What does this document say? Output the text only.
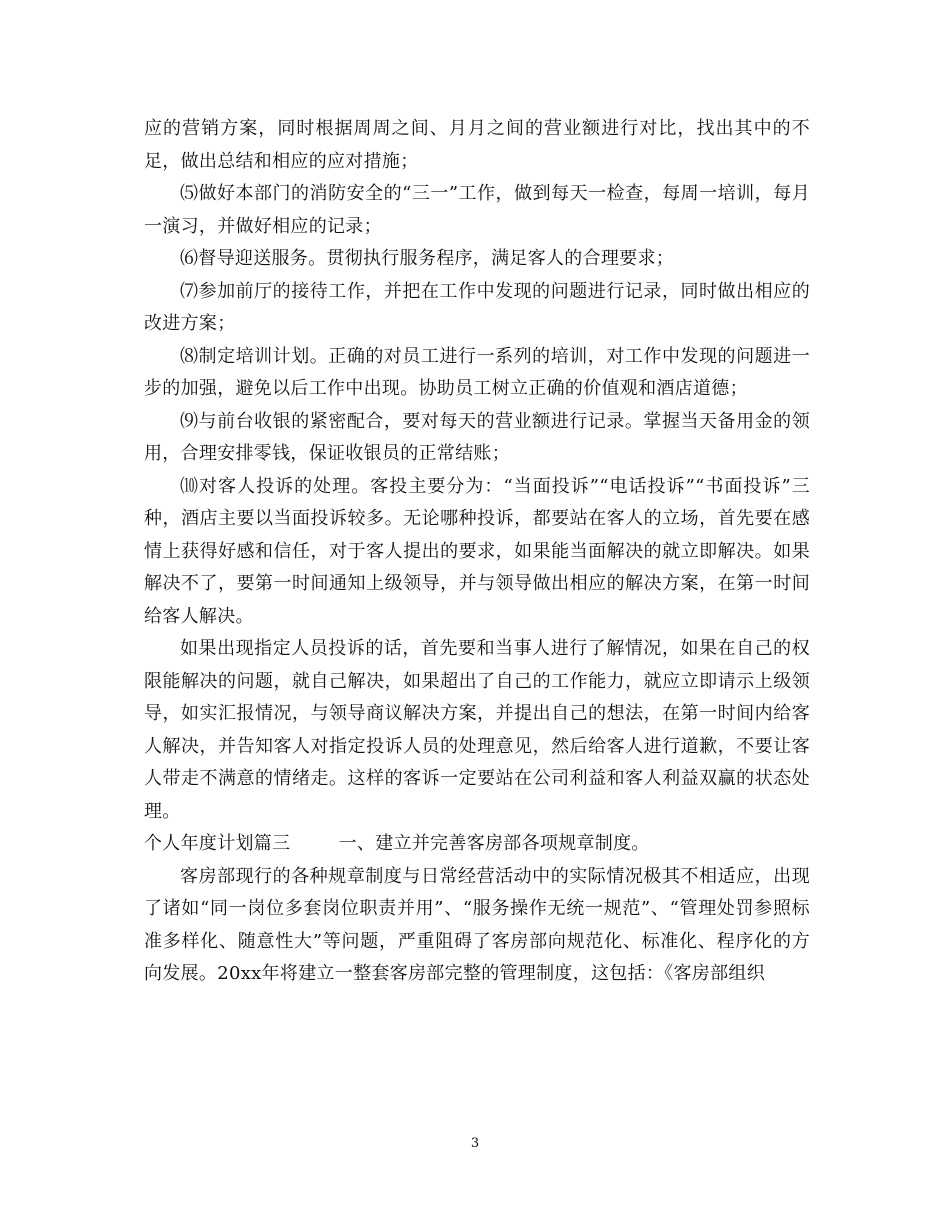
应的营销方案，同时根据周周之间、月月之间的营业额进行对比，找出其中的不足，做出总结和相应的应对措施；

⑸做好本部门的消防安全的“三一”工作，做到每天一检查，每周一培训，每月一演习，并做好相应的记录；

⑹督导迎送服务。贯彻执行服务程序，满足客人的合理要求；

⑺参加前厅的接待工作，并把在工作中发现的问题进行记录，同时做出相应的改进方案；

⑻制定培训计划。正确的对员工进行一系列的培训，对工作中发现的问题进一步的加强，避免以后工作中出现。协助员工树立正确的价值观和酒店道德；

⑼与前台收银的紧密配合，要对每天的营业额进行记录。掌握当天备用金的领用，合理安排零钱，保证收银员的正常结账；

⑽对客人投诉的处理。客投主要分为：“当面投诉”“电话投诉”“书面投诉”三种，酒店主要以当面投诉较多。无论哪种投诉，都要站在客人的立场，首先要在感情上获得好感和信任，对于客人提出的要求，如果能当面解决的就立即解决。如果解决不了，要第一时间通知上级领导，并与领导做出相应的解决方案，在第一时间给客人解决。

如果出现指定人员投诉的话，首先要和当事人进行了解情况，如果在自己的权限能解决的问题，就自己解决，如果超出了自己的工作能力，就应立即请示上级领导，如实汇报情况，与领导商议解决方案，并提出自己的想法，在第一时间内给客人解决，并告知客人对指定投诉人员的处理意见，然后给客人进行道歉，不要让客人带走不满意的情绪走。这样的客诉一定要站在公司利益和客人利益双赢的状态处理。

个人年度计划篇三	一、建立并完善客房部各项规章制度。

客房部现行的各种规章制度与日常经营活动中的实际情况极其不相适应，出现了诸如“同一岗位多套岗位职责并用”、“服务操作无统一规范”、“管理处罚参照标准多样化、随意性大”等问题，严重阻碍了客房部向规范化、标准化、程序化的方向发展。20xx年将建立一整套客房部完整的管理制度，这包括：《客房部组织

3
